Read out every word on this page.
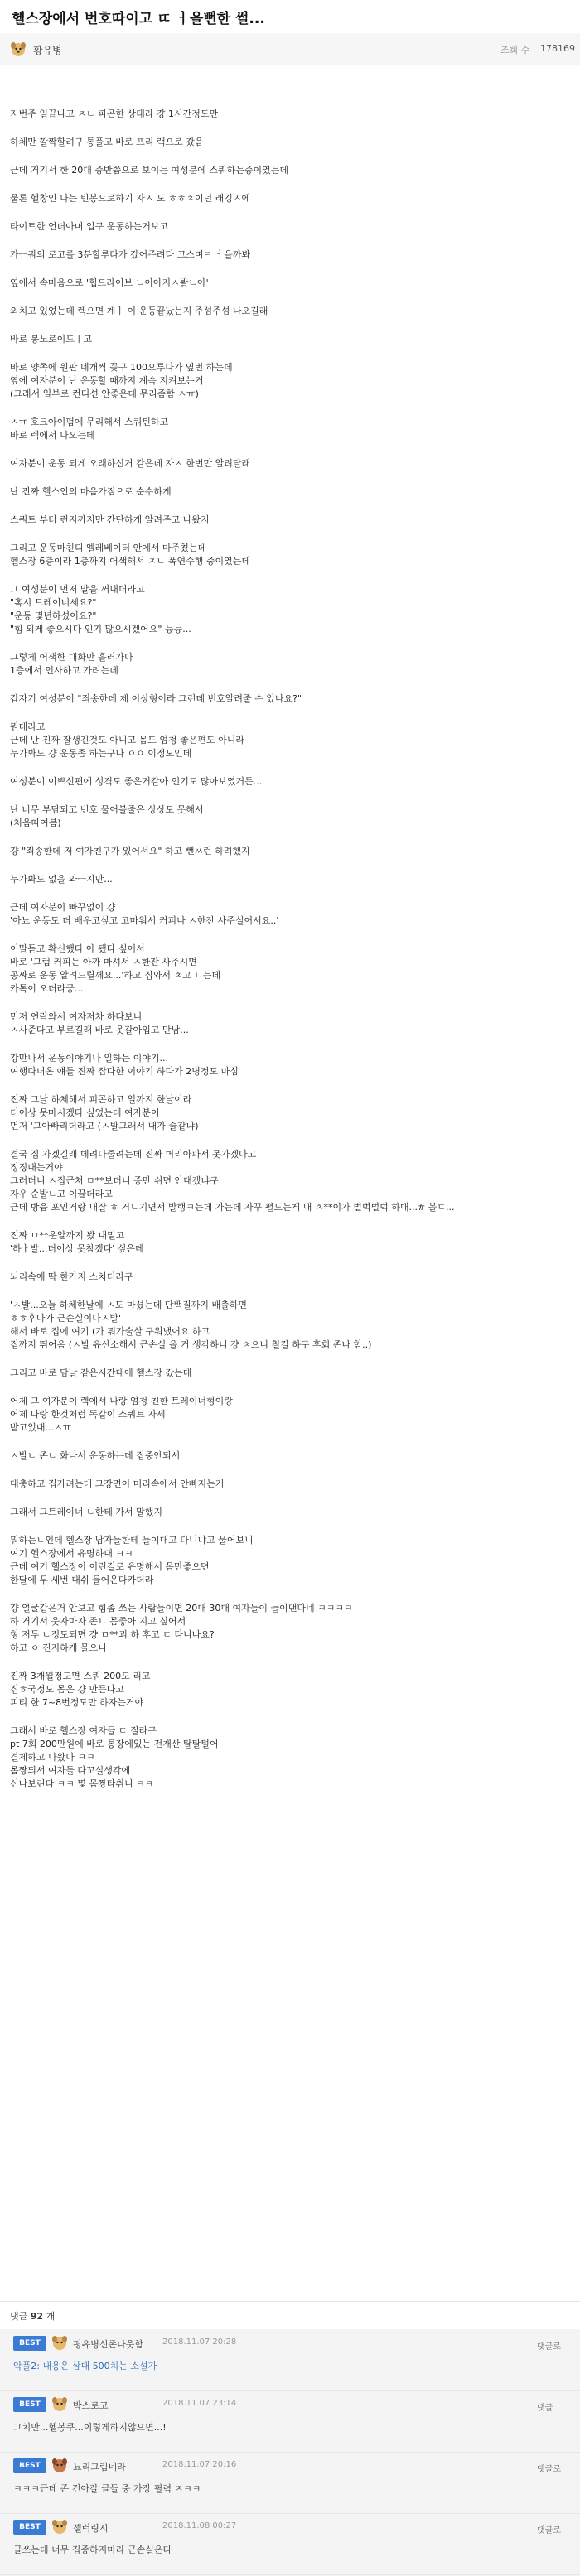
헬스장에서 번호따이고 ㄸ ㅓ을뻔한 썰...
황유병	조회 수 178169

저번주 일끝나고 ㅈㄴ 피곤한 상태라 걍 1시간정도만

하체만 깔짝할려구 통풀고 바로 프리 랙으로 갔음

근데 거기서 한 20대 중반쯤으로 보이는 여성분에 스쿼하는중이였는데

물론 헬창인 나는 빈봉으로하기 자ㅅ 도 ㅎㅎㅊ이던 래깅ㅅ에

타이트한 언더아머 입구 운동하는거보고

가ㅡ쿼의 로고를 3분할루다가 갔어주려다 고스며ㅋ ㅓ을까봐

옆에서 속마음으로 '힙드라이브 ㄴ이아지ㅅ봘ㄴ아'

외치고 있었는데 렉으면 계ㅣ 이 운동끝났는지 주섬주섬 나오길래

바로 봉노로이드ㅣ고

바로 양쪽에 원판 네개씩 꽂구 100으루다가 옆번 하는데
옆에 여자분이 난 운동할 때까지 계속 지켜보는거
(그래서 일부로 컨디션 안좋은데 무리좀함 ㅅㅠ)

ㅅㅠ 호크아이펌에 무리해서 스쿼틴하고
바로 렉에서 나오는데

여자분이 운동 되게 오래하신거 같은데 자ㅅ 한번만 알려달래

난 진짜 헬스인의 마음가짐으로 순수하게

스쿼트 부터 런지까지만 간단하게 알려주고 나왔지

그리고 운동마친디 엘레베이터 안에서 마주쳤는데
헬스장 6층이라 1층까지 어색해서 ㅈㄴ 폭연수행 중이였는데

그 여성분이 먼저 말을 꺼내더라고
"혹시 트레이너세요?"
"운동 몇년하셨어요?"
"힘 되게 좋으시다 인기 많으시겠어요" 등등...

그렇게 어색한 대화만 흘러가다
1층에서 인사하고 가려는데

갑자기 여성분이 "죄송한데 제 이상형이라 그런데 번호알려줄 수 있나요?"

뭔데라고
근데 난 진짜 잘생긴것도 아니고 몸도 엄청 좋은편도 아니라
누가봐도 걍 운동좀 하는구나 ㅇㅇ 이정도인데

여성분이 이쁘신편에 성격도 좋은거같아 인기도 많아보였거든...

난 너무 부담되고 번호 물어볼줄은 상상도 못해서
(처음따여봄)

걍 "죄송한데 저 여자친구가 있어서요" 하고 뺀ㅆ런 하려했지

누가봐도 없을 와ㅡ지만...

근데 여자분이 빠꾸없이 걍
'아뇨 운동도 더 배우고싶고 고마워서 커피나 ㅅ한잔 사주실어서요..'

이말듣고 확신했다 아 됐다 싶어서
바로 '그럼 커피는 아까 마셔서 ㅅ한잔 사주시면
공짜로 운동 알려드릴께요...'하고 집와서 ㅊ고 ㄴ는데
카톡이 오더라궁...

먼저 연락와서 여자저차 하다보니
ㅅ사준다고 부르길래 바로 옷갈아입고 만남...

강만나서 운동이야기나 일하는 이야기...
여행다녀온 얘들 진짜 잡다한 이야기 하다가 2병정도 마심

진짜 그날 하체해서 피곤하고 일까지 한날이라
더이상 못마시겠다 싶었는데 여자분이
먼저 '그아빠리더라고 (ㅅ발그래서 내가 술같냐)

결국 집 가겠길래 데려다줄려는데 진짜 머리아파서 못가겠다고
징징대는거야
그러더니 ㅅ집근처 ㅁ**보더니 종만 쉬면 안대겠냐구
자우 순발ㄴ고 이끌더라고
근데 방음 포인거랑 내잘 ㅎ 거ㄴ기면서 발행ㅋ는데 가는데 자꾸 펼도는게 내 ㅊ**이가 벌벅벌벅 하대...# 볼ㄷ...

진짜 ㅁ**운알까지 봤 내밀고
'하ㅏ발...더이상 못참겠다' 싶은데

뇌리속에 딱 한가지 스치더라구

'ㅅ발...오늘 하체한날에 ㅅ도 마셨는데 단백질까지 배출하면
ㅎㅎ후다가 근손실이다ㅅ발'
해서 바로 집에 여기 (가 뭐가술살 구워냈어요 하고
집까지 뛰어옴 (ㅅ발 유산소해서 근손실 올 거 생각하니 걍 ㅊ으니 칠컬 하구 후회 존나 함..)

그리고 바로 담날 같은시간대에 헬스장 갔는데

어제 그 여자분이 렉에서 나랑 엄청 친한 트레이너형이랑
어제 나랑 한것처럼 똑같이 스쿼트 자세
받고있대...ㅅㅠ

ㅅ발ㄴ 존ㄴ 화나서 운동하는데 집중안되서

대충하고 집가려는데 그장면이 머리속에서 안빠지는거

그래서 그트레이너 ㄴ한테 가서 말했지

뭐하는ㄴ인데 헬스장 남자들한테 들이대고 다니냐고 물어보니
여기 헬스장에서 유명하대 ㅋㅋ
근데 여기 헬스장이 이런걸로 유명해서 몸만좋으면
한달에 두 세번 대쉬 들어온다카더라

걍 얼굴같은거 안보고 힘좀 쓰는 사람들이면 20대 30대 여자들이 들이댄다네 ㅋㅋㅋㅋ
하 거기서 웃자마자 존ㄴ 몸좋아 지고 싶어서
형 저두 ㄴ정도되면 걍 ㅁ**괴 하 후고 ㄷ 다니나요?
하고 ㅇ 진지하게 물으니

진짜 3개월정도면 스쿼 200도 리고
집ㅎ국정도 몸은 걍 만든다고
피티 한 7~8번정도만 하자는거야

그래서 바로 헬스장 여자들 ㄷ 질라구
pt 7회 200만원에 바로 통장에있는 전재산 탈탈털어
결제하고 나왔다 ㅋㅋ
몸짱되서 여자들 다꼬실생각에
신나보린다 ㅋㅋ 몇 몸짱타취니 ㅋㅋ

댓글 92 개
BEST	평유병신존나웃함 2018.11.07 20:28
댓글로
악플2: 내용은 삼대 500치는 소설가
BEST	박스로고	2018.11.07 23:14
댓글
그치만...헬봉쿠...이렇게하지않으면...!
BEST	뇨리그림네라	2018.11.07 20:16
댓글로
ㅋㅋㅋ근데 존 건아갈 글들 중 가장 필력 ㅈㅋㅋ
BEST	셀럭링시	2018.11.08 00:27
댓글로
글쓰는데 너무 집중하지마라 근손실온다
